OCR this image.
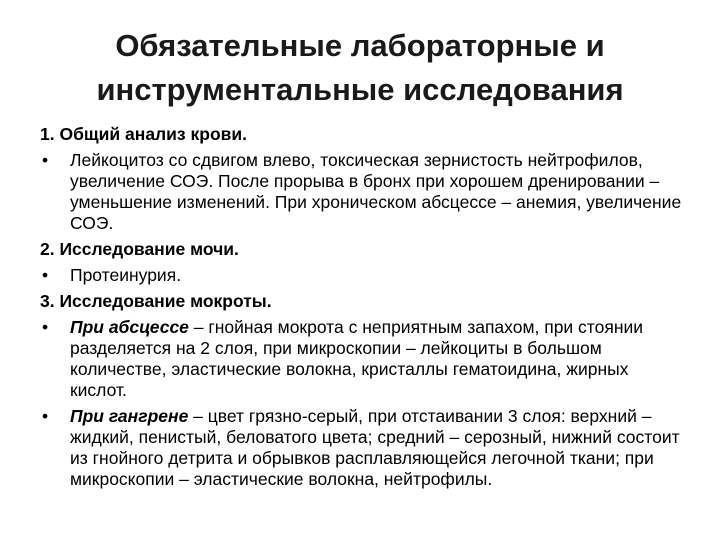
Обязательные лабораторные и
инструментальные исследования
1. Общий анализ крови.
• Лейкоцитоз со сдвигом влево, токсическая зернистость нейтрофилов, увеличение СОЭ. После прорыва в бронх при хорошем дренировании – уменьшение изменений. При хроническом абсцессе – анемия, увеличение СОЭ.
2. Исследование мочи.
• Протеинурия.
3. Исследование мокроты.
• При абсцессе – гнойная мокрота с неприятным запахом, при стоянии разделяется на 2 слоя, при микроскопии – лейкоциты в большом количестве, эластические волокна, кристаллы гематоидина, жирных кислот.
• При гангрене – цвет грязно-серый, при отстаивании 3 слоя: верхний – жидкий, пенистый, беловатого цвета; средний – серозный, нижний состоит из гнойного детрита и обрывков расплавляющейся легочной ткани; при микроскопии – эластические волокна, нейтрофилы.
